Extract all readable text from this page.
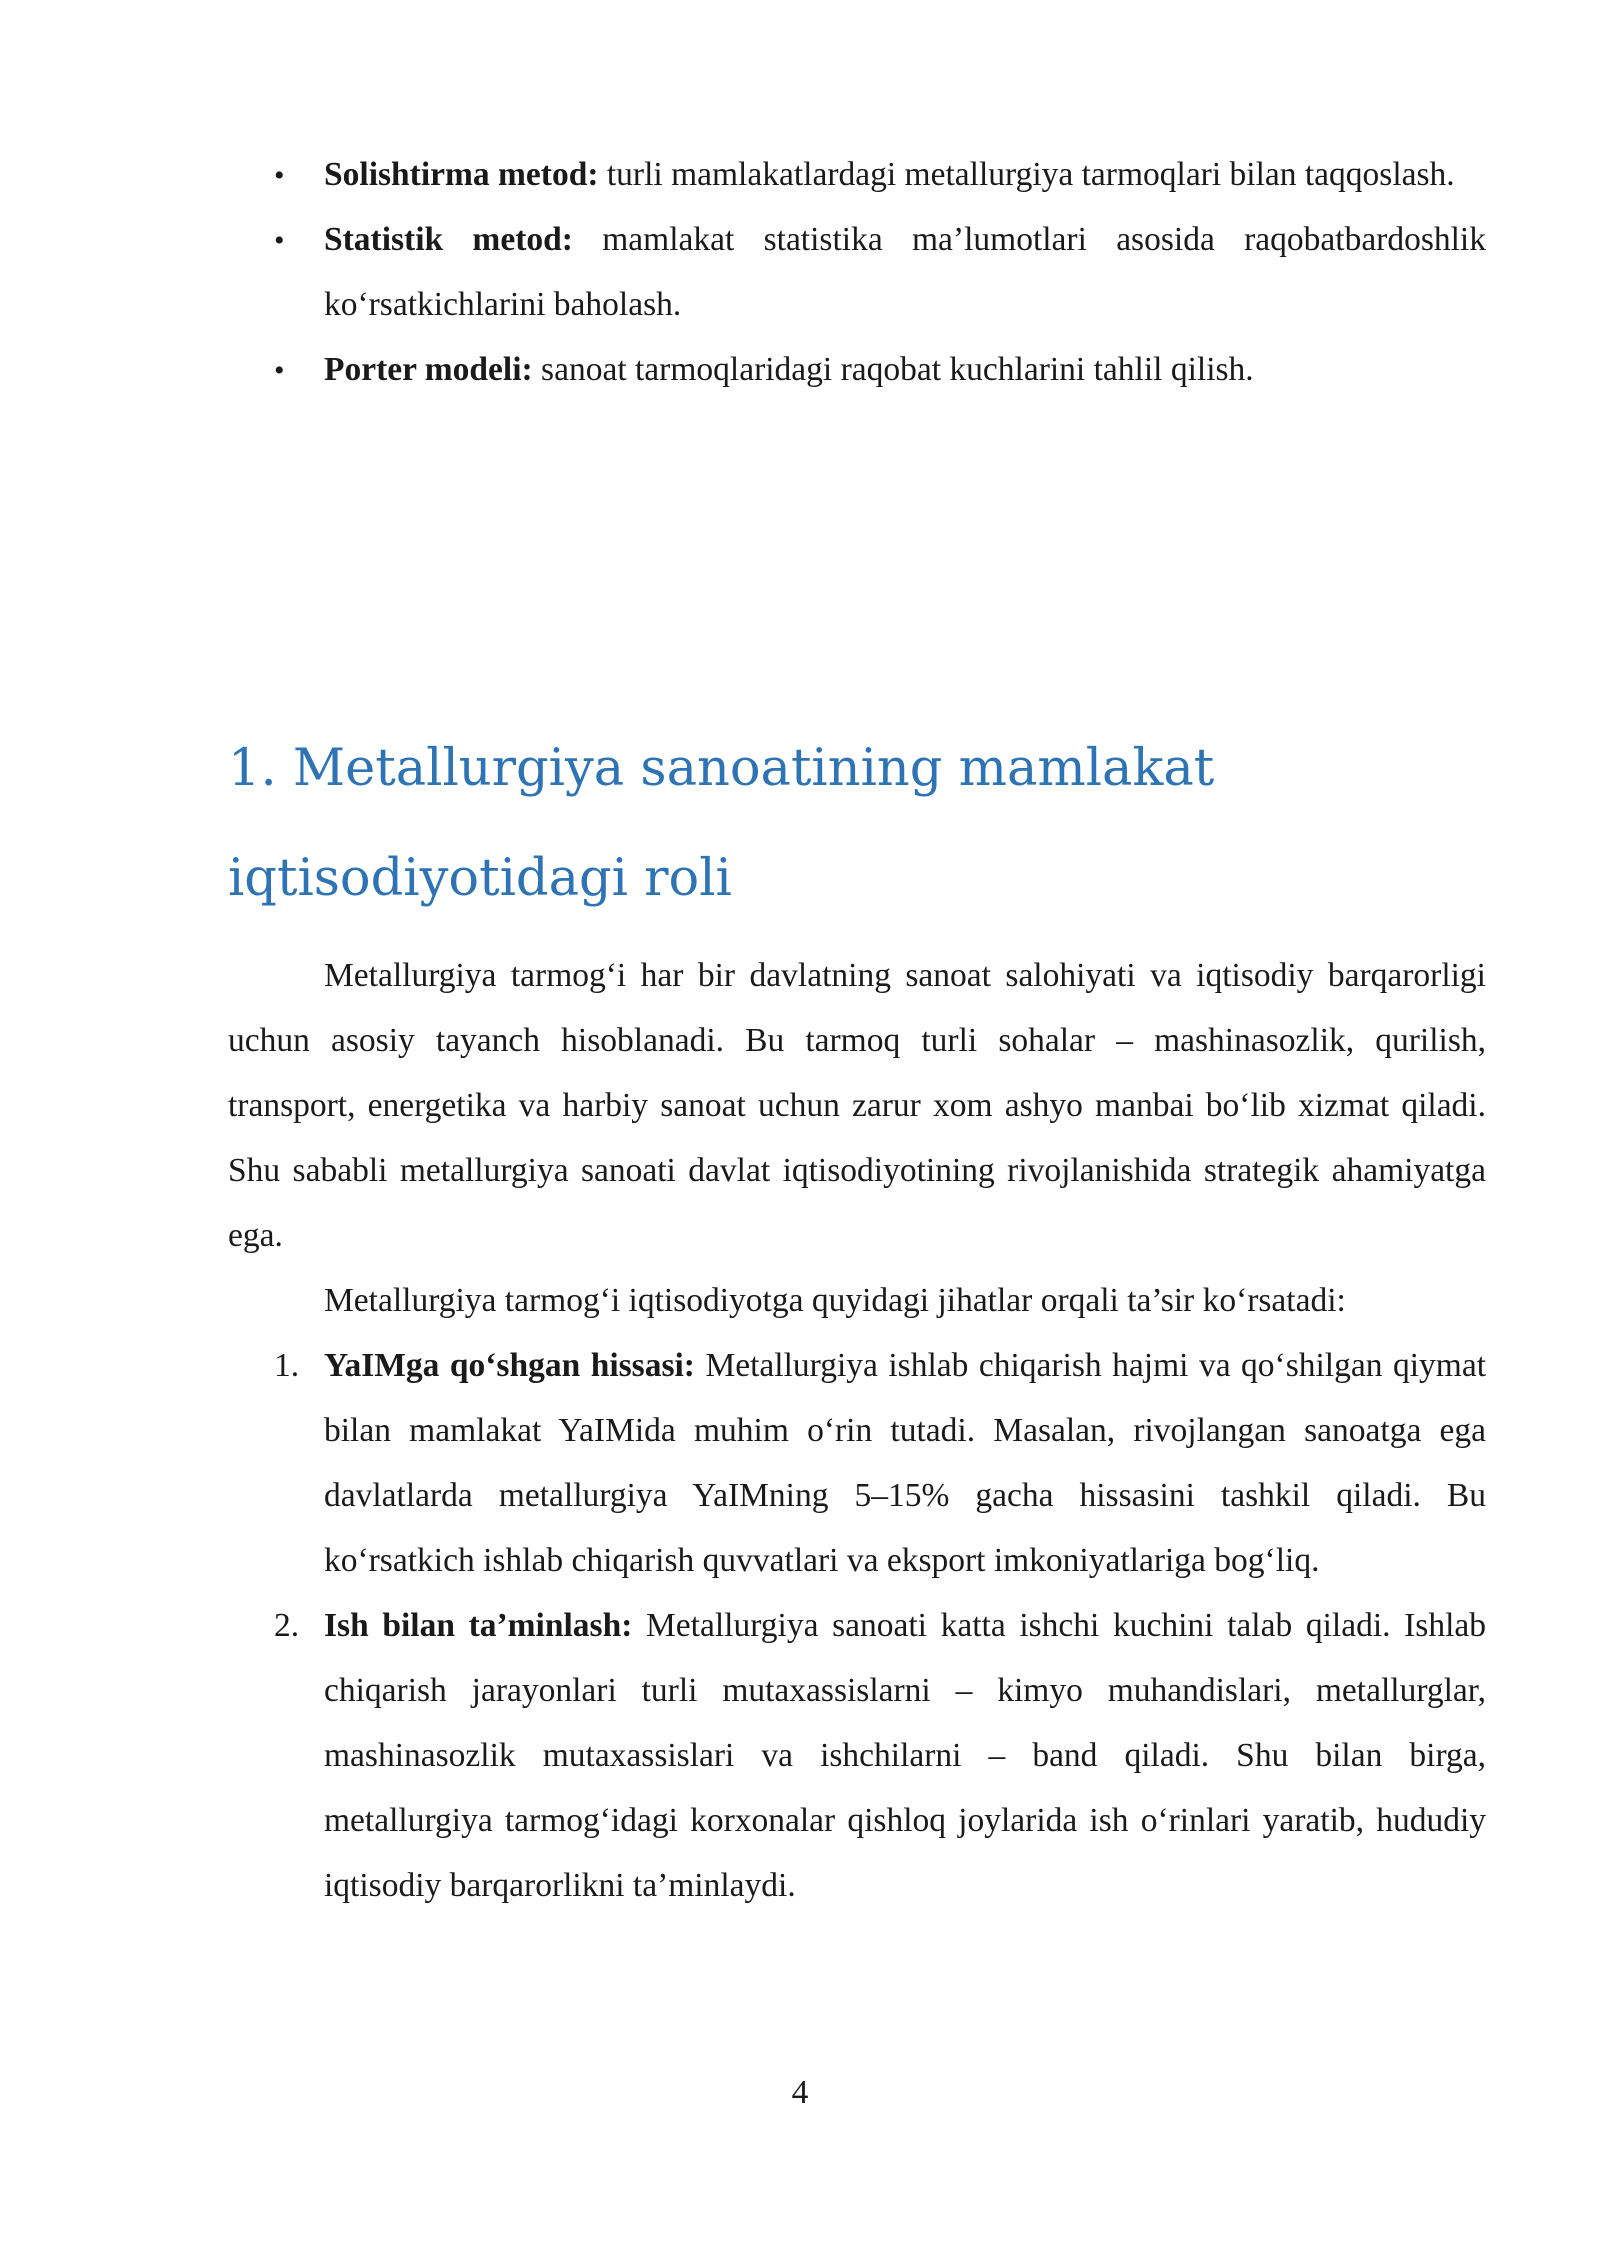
•
Solishtirma metod: turli mamlakatlardagi metallurgiya tarmoqlari bilan taqqoslash.
•
Statistik metod: mamlakat statistika ma’lumotlari asosida raqobatbardoshlik ko‘rsatkichlarini baholash.
•
Porter modeli: sanoat tarmoqlaridagi raqobat kuchlarini tahlil qilish.
1. Metallurgiya sanoatining mamlakat iqtisodiyotidagi roli

Metallurgiya tarmog‘i har bir davlatning sanoat salohiyati va iqtisodiy barqarorligi uchun asosiy tayanch hisoblanadi. Bu tarmoq turli sohalar – mashinasozlik, qurilish, transport, energetika va harbiy sanoat uchun zarur xom ashyo manbai bo‘lib xizmat qiladi. Shu sababli metallurgiya sanoati davlat iqtisodiyotining rivojlanishida strategik ahamiyatga ega.

Metallurgiya tarmog‘i iqtisodiyotga quyidagi jihatlar orqali ta’sir ko‘rsatadi:

1. YaIMga qo‘shgan hissasi: Metallurgiya ishlab chiqarish hajmi va qo‘shilgan qiymat bilan mamlakat YaIMida muhim o‘rin tutadi. Masalan, rivojlangan sanoatga ega davlatlarda metallurgiya YaIMning 5–15% gacha hissasini tashkil qiladi. Bu ko‘rsatkich ishlab chiqarish quvvatlari va eksport imkoniyatlariga bog‘liq.
2. Ish bilan ta’minlash: Metallurgiya sanoati katta ishchi kuchini talab qiladi. Ishlab chiqarish jarayonlari turli mutaxassislarni – kimyo muhandislari, metallurglar, mashinasozlik mutaxassislari va ishchilarni – band qiladi. Shu bilan birga, metallurgiya tarmog‘idagi korxonalar qishloq joylarida ish o‘rinlari yaratib, hududiy iqtisodiy barqarorlikni ta’minlaydi.
4
